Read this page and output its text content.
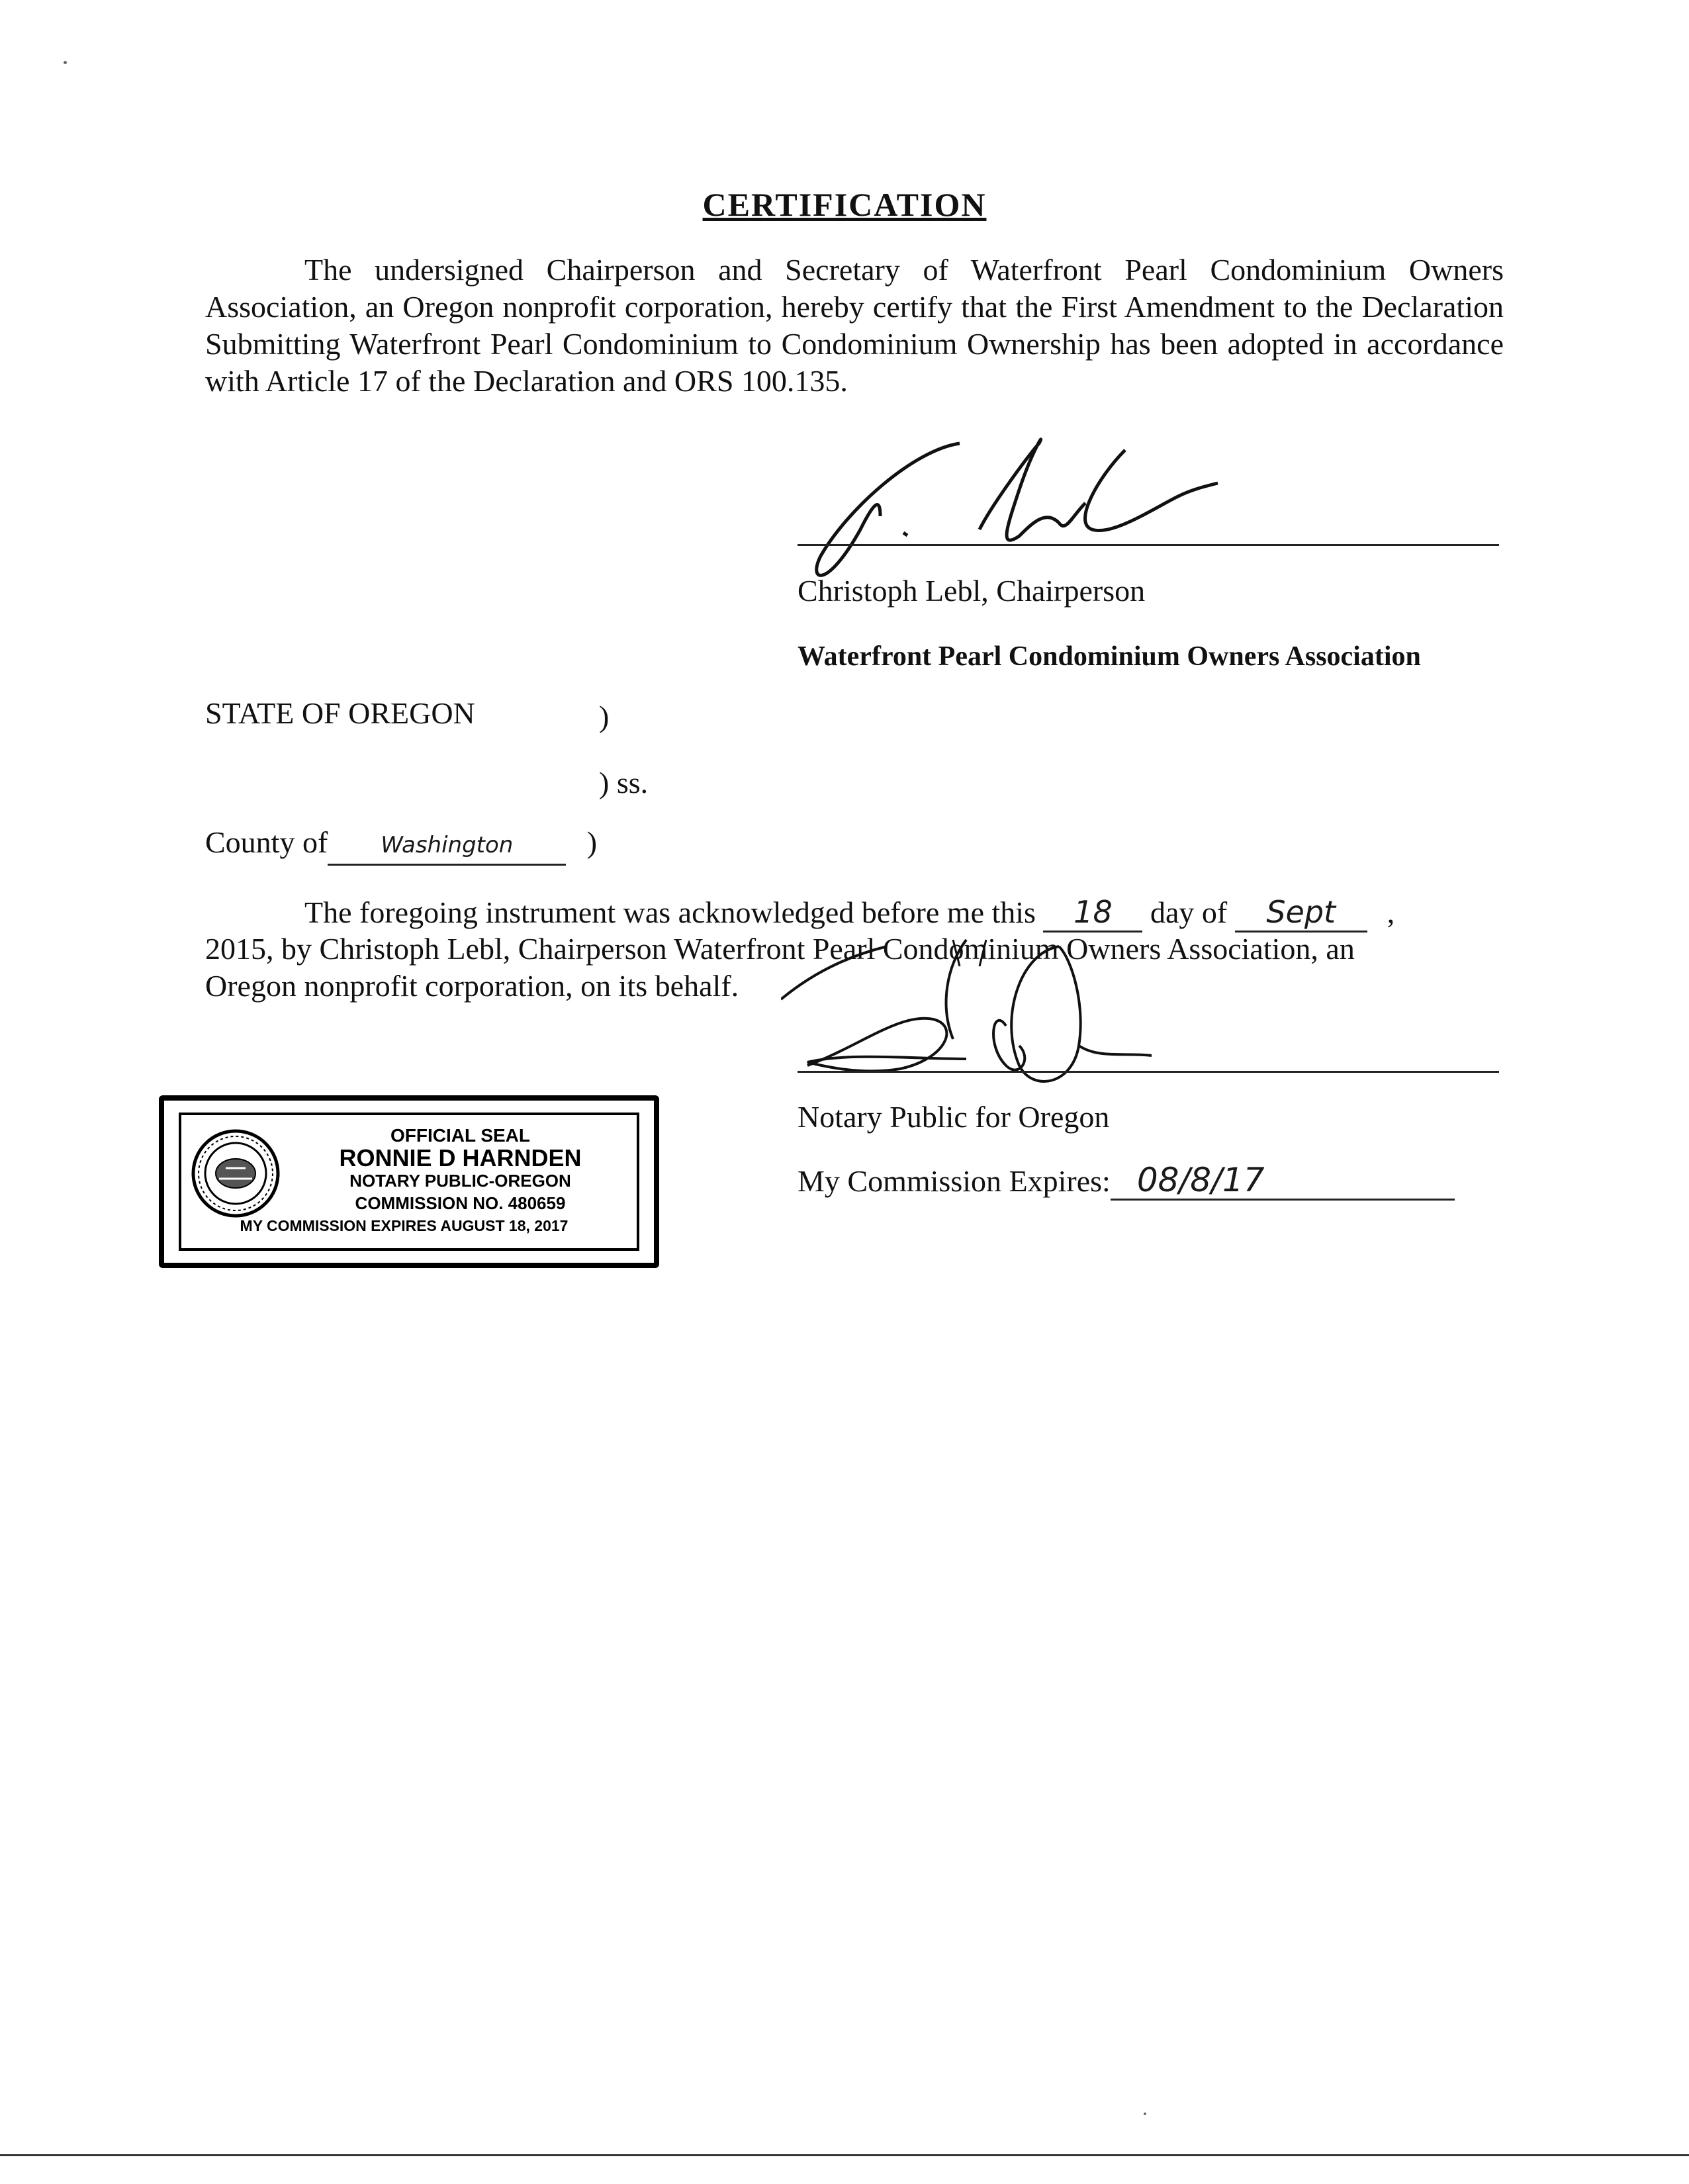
CERTIFICATION
The undersigned Chairperson and Secretary of Waterfront Pearl Condominium Owners Association, an Oregon nonprofit corporation, hereby certify that the First Amendment to the Declaration Submitting Waterfront Pearl Condominium to Condominium Ownership has been adopted in accordance with Article 17 of the Declaration and ORS 100.135.
Christoph Lebl, Chairperson
Waterfront Pearl Condominium Owners Association
STATE OF OREGON	)
) ss.
County of Washington )
The foregoing instrument was acknowledged before me this 18 day of Sept ,
2015, by Christoph Lebl, Chairperson Waterfront Pearl Condominium Owners Association, an
Oregon nonprofit corporation, on its behalf.
Notary Public for Oregon
My Commission Expires: 08/8/17
OFFICIAL SEAL
RONNIE D HARNDEN
NOTARY PUBLIC-OREGON
COMMISSION NO. 480659
MY COMMISSION EXPIRES AUGUST 18, 2017
